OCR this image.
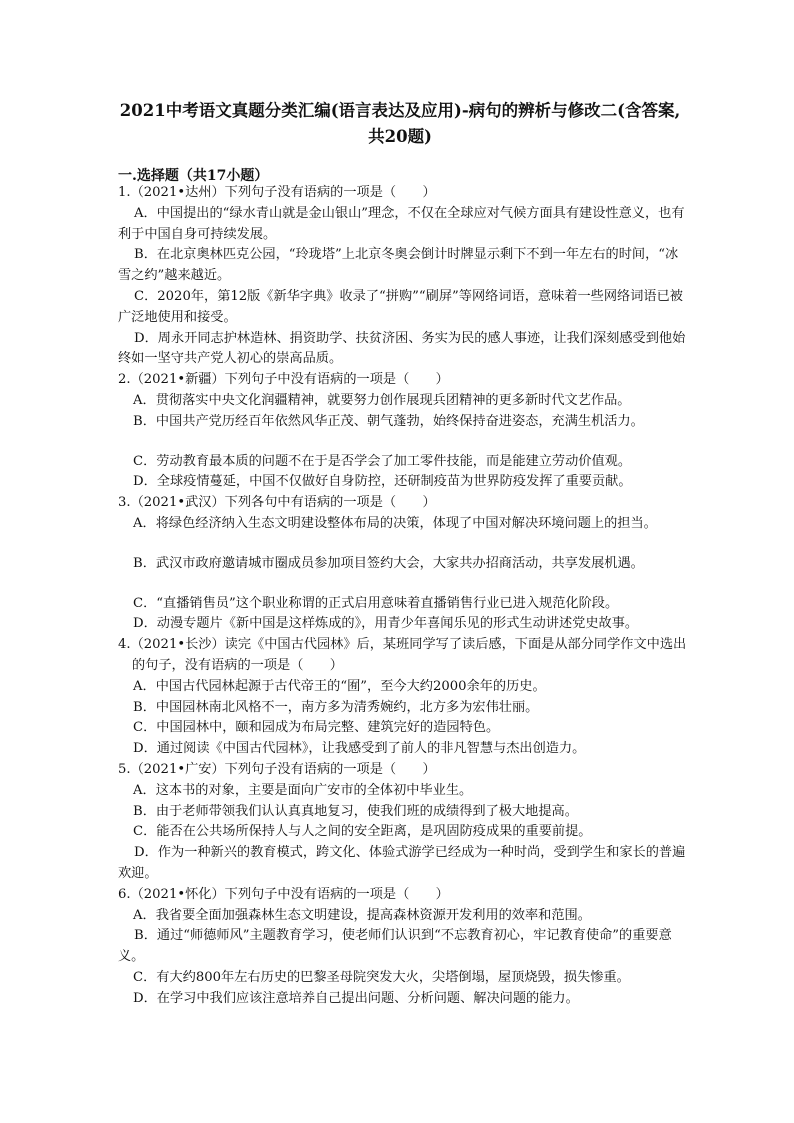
2021中考语文真题分类汇编(语言表达及应用)-病句的辨析与修改二(含答案,
共20题)
一.选择题（共17小题）

1.（2021•达州）下列句子没有语病的一项是（　　）

A．中国提出的“绿水青山就是金山银山”理念，不仅在全球应对气候方面具有建设性意义，也有利于中国自身可持续发展。

B．在北京奥林匹克公园，“玲珑塔”上北京冬奥会倒计时牌显示剩下不到一年左右的时间，“冰雪之约”越来越近。

C．2020年，第12版《新华字典》收录了“拼购”“刷屏”等网络词语，意味着一些网络词语已被广泛地使用和接受。

D．周永开同志护林造林、捐资助学、扶贫济困、务实为民的感人事迹，让我们深刻感受到他始终如一坚守共产党人初心的崇高品质。

2.（2021•新疆）下列句子中没有语病的一项是（　　）

A．贯彻落实中央文化润疆精神，就要努力创作展现兵团精神的更多新时代文艺作品。

B．中国共产党历经百年依然风华正茂、朝气蓬勃，始终保持奋进姿态，充满生机活力。

C．劳动教育最本质的问题不在于是否学会了加工零件技能，而是能建立劳动价值观。

D．全球疫情蔓延，中国不仅做好自身防控，还研制疫苗为世界防疫发挥了重要贡献。

3.（2021•武汉）下列各句中有语病的一项是（　　）

A．将绿色经济纳入生态文明建设整体布局的决策，体现了中国对解决环境问题上的担当。

B．武汉市政府邀请城市圈成员参加项目签约大会，大家共办招商活动，共享发展机遇。

C．“直播销售员”这个职业称谓的正式启用意味着直播销售行业已进入规范化阶段。

D．动漫专题片《新中国是这样炼成的》，用青少年喜闻乐见的形式生动讲述党史故事。

4.（2021•长沙）读完《中国古代园林》后，某班同学写了读后感，下面是从部分同学作文中选出的句子，没有语病的一项是（　　）

A．中国古代园林起源于古代帝王的“囿”，至今大约2000余年的历史。

B．中国园林南北风格不一，南方多为清秀婉约，北方多为宏伟壮丽。

C．中国园林中，颐和园成为布局完整、建筑完好的造园特色。

D．通过阅读《中国古代园林》，让我感受到了前人的非凡智慧与杰出创造力。

5.（2021•广安）下列句子没有语病的一项是（　　）

A．这本书的对象，主要是面向广安市的全体初中毕业生。

B．由于老师带领我们认认真真地复习，使我们班的成绩得到了极大地提高。

C．能否在公共场所保持人与人之间的安全距离，是巩固防疫成果的重要前提。

D．作为一种新兴的教育模式，跨文化、体验式游学已经成为一种时尚，受到学生和家长的普遍欢迎。

6.（2021•怀化）下列句子中没有语病的一项是（　　）

A．我省要全面加强森林生态文明建设，提高森林资源开发利用的效率和范围。

B．通过“师德师风”主题教育学习，使老师们认识到“不忘教育初心，牢记教育使命”的重要意义。

C．有大约800年左右历史的巴黎圣母院突发大火，尖塔倒塌，屋顶烧毁，损失惨重。

D．在学习中我们应该注意培养自己提出问题、分析问题、解决问题的能力。
